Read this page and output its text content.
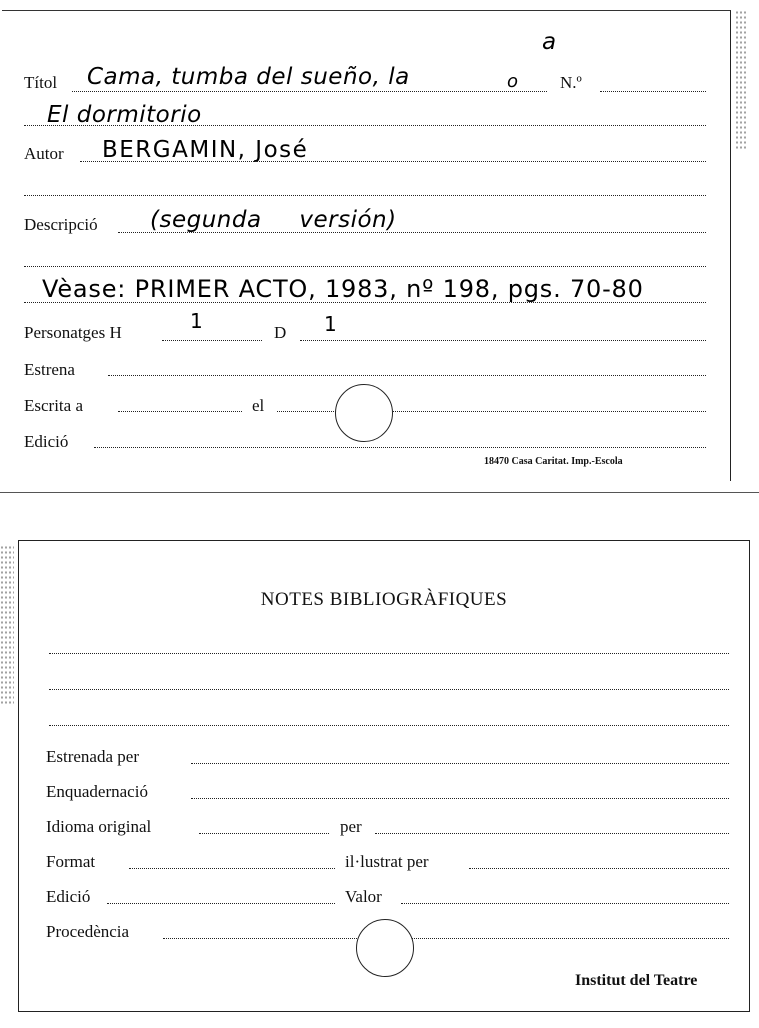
Títol Cama, tumba del sueño, la	o
a
N.º
El dormitorio
Autor BERGAMIN, José
Descripció (segunda versión)
Vèase: PRIMER ACTO, 1983, nº 198, pgs. 70-80
Personatges H	1	D 1
Estrena
Escrita a	el
Edició
18470 Casa Caritat. Imp.-Escola
NOTES BIBLIOGRÀFIQUES
Estrenada per
Enquadernació
Idioma original	per
Format	il·lustrat per
Edició	Valor
Procedència
Institut del Teatre
